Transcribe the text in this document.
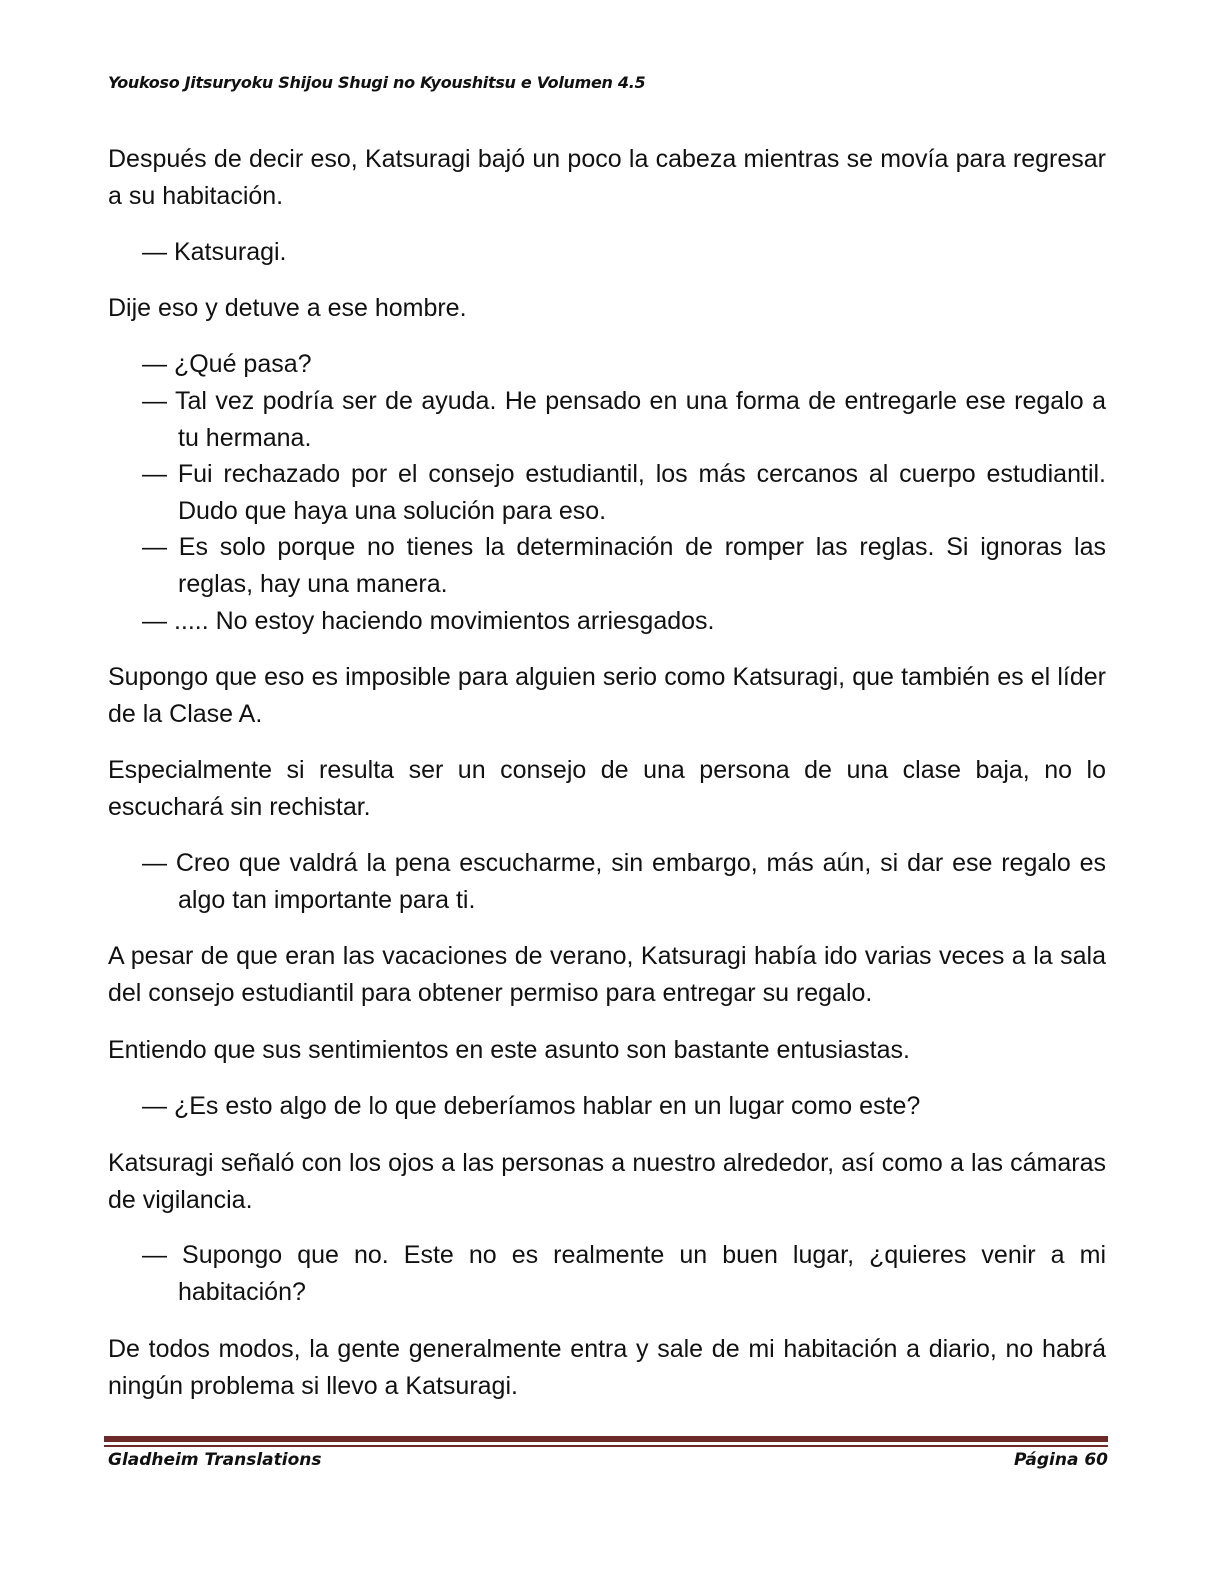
Youkoso Jitsuryoku Shijou Shugi no Kyoushitsu e Volumen 4.5
Después de decir eso, Katsuragi bajó un poco la cabeza mientras se movía para regresar a su habitación.
— Katsuragi.
Dije eso y detuve a ese hombre.
— ¿Qué pasa?
— Tal vez podría ser de ayuda. He pensado en una forma de entregarle ese regalo a tu hermana.
— Fui rechazado por el consejo estudiantil, los más cercanos al cuerpo estudiantil. Dudo que haya una solución para eso.
— Es solo porque no tienes la determinación de romper las reglas. Si ignoras las reglas, hay una manera.
— ..... No estoy haciendo movimientos arriesgados.
Supongo que eso es imposible para alguien serio como Katsuragi, que también es el líder de la Clase A.
Especialmente si resulta ser un consejo de una persona de una clase baja, no lo escuchará sin rechistar.
— Creo que valdrá la pena escucharme, sin embargo, más aún, si dar ese regalo es algo tan importante para ti.
A pesar de que eran las vacaciones de verano, Katsuragi había ido varias veces a la sala del consejo estudiantil para obtener permiso para entregar su regalo.
Entiendo que sus sentimientos en este asunto son bastante entusiastas.
— ¿Es esto algo de lo que deberíamos hablar en un lugar como este?
Katsuragi señaló con los ojos a las personas a nuestro alrededor, así como a las cámaras de vigilancia.
— Supongo que no. Este no es realmente un buen lugar, ¿quieres venir a mi habitación?
De todos modos, la gente generalmente entra y sale de mi habitación a diario, no habrá ningún problema si llevo a Katsuragi.
Gladheim Translations	Página 60
